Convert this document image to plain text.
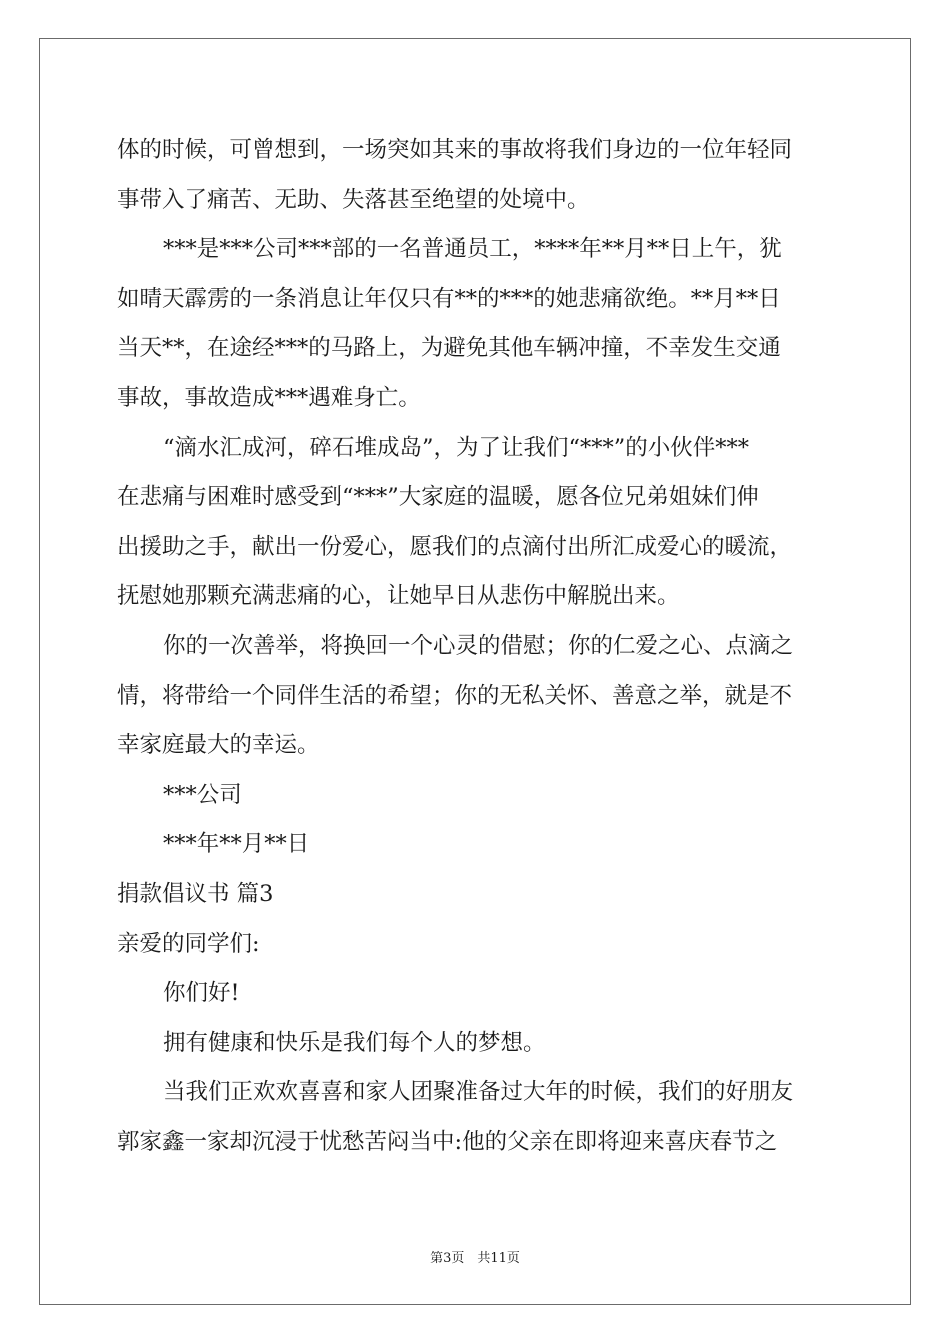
体的时候，可曾想到，一场突如其来的事故将我们身边的一位年轻同
事带入了痛苦、无助、失落甚至绝望的处境中。
***是***公司***部的一名普通员工，****年**月**日上午，犹
如晴天霹雳的一条消息让年仅只有**的***的她悲痛欲绝。**月**日
当天**，在途经***的马路上，为避免其他车辆冲撞，不幸发生交通
事故，事故造成***遇难身亡。
“滴水汇成河，碎石堆成岛”，为了让我们“***”的小伙伴***
在悲痛与困难时感受到“***”大家庭的温暖，愿各位兄弟姐妹们伸
出援助之手，献出一份爱心，愿我们的点滴付出所汇成爱心的暖流，
抚慰她那颗充满悲痛的心，让她早日从悲伤中解脱出来。
你的一次善举，将换回一个心灵的借慰；你的仁爱之心、点滴之
情，将带给一个同伴生活的希望；你的无私关怀、善意之举，就是不
幸家庭最大的幸运。
***公司
***年**月**日
捐款倡议书 篇3
亲爱的同学们:
你们好!
拥有健康和快乐是我们每个人的梦想。
当我们正欢欢喜喜和家人团聚准备过大年的时候，我们的好朋友
郭家鑫一家却沉浸于忧愁苦闷当中:他的父亲在即将迎来喜庆春节之
第3页　共11页
